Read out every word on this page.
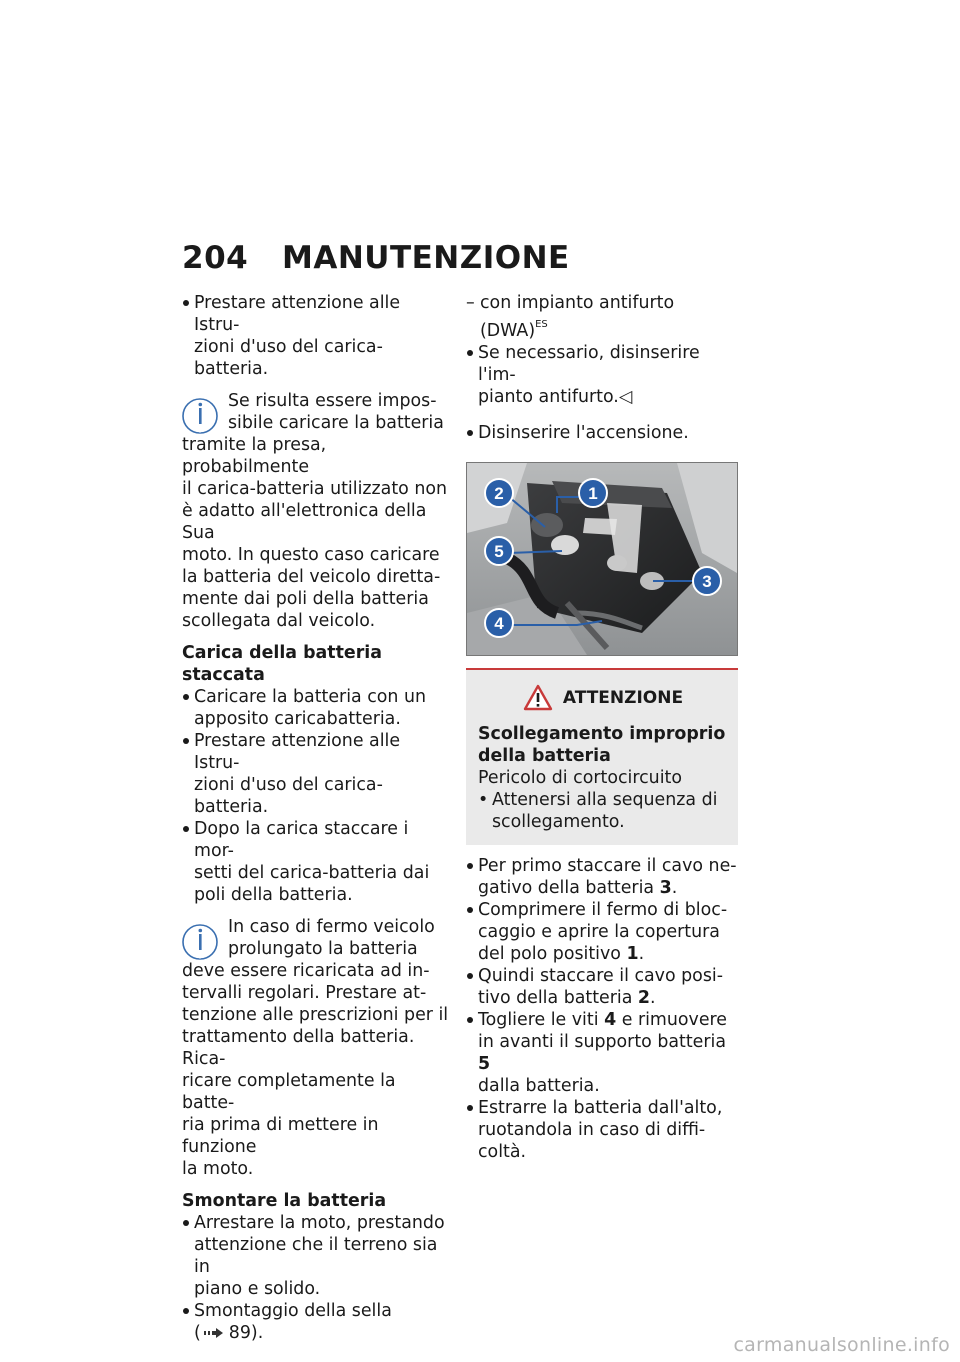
204 MANUTENZIONE
Prestare attenzione alle Istru-
zioni d'uso del carica-batteria.
Se risulta essere impos-
sibile caricare la batteria
tramite la presa, probabilmente
il carica-batteria utilizzato non
è adatto all'elettronica della Sua
moto. In questo caso caricare
la batteria del veicolo diretta-
mente dai poli della batteria
scollegata dal veicolo.
Carica della batteria staccata
Caricare la batteria con un
apposito caricabatteria.
Prestare attenzione alle Istru-
zioni d'uso del carica-batteria.
Dopo la carica staccare i mor-
setti del carica-batteria dai
poli della batteria.
In caso di fermo veicolo
prolungato la batteria
deve essere ricaricata ad in-
tervalli regolari. Prestare at-
tenzione alle prescrizioni per il
trattamento della batteria. Rica-
ricare completamente la batte-
ria prima di mettere in funzione
la moto.
Smontare la batteria
Arrestare la moto, prestando
attenzione che il terreno sia in
piano e solido.
Smontaggio della sella
( 89).
– con impianto antifurto
(DWA)$^{ES}$
Se necessario, disinserire l'im-
pianto antifurto.◁
Disinserire l'accensione.
1
2
3
4
5
ATTENZIONE
Scollegamento improprio
della batteria
Pericolo di cortocircuito
• Attenersi alla sequenza di
scollegamento.
Per primo staccare il cavo ne-
gativo della batteria 3.
Comprimere il fermo di bloc-
caggio e aprire la copertura
del polo positivo 1.
Quindi staccare il cavo posi-
tivo della batteria 2.
Togliere le viti 4 e rimuovere
in avanti il supporto batteria 5
dalla batteria.
Estrarre la batteria dall'alto,
ruotandola in caso di diffi-
coltà.
carmanualsonline.info
